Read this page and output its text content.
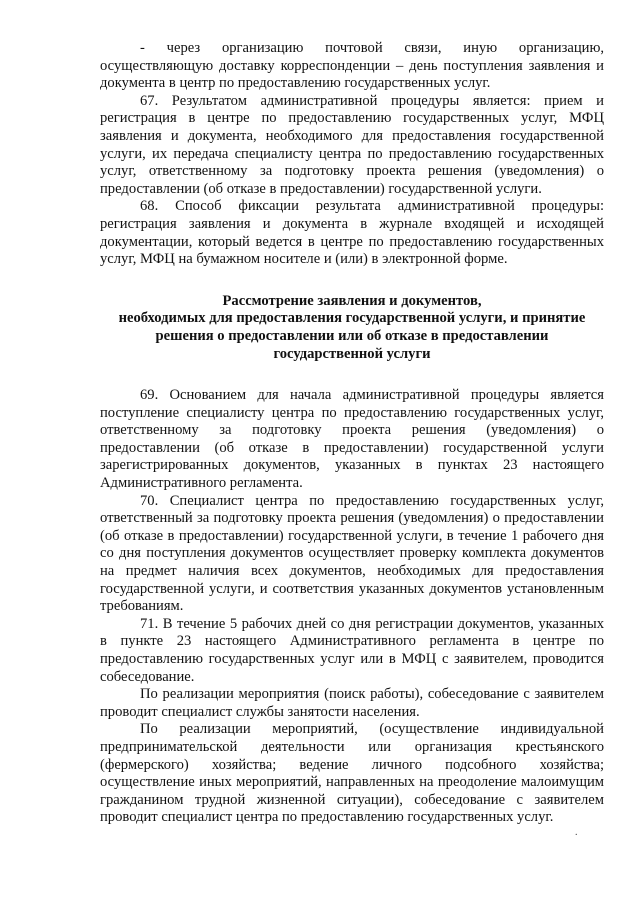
- через организацию почтовой связи, иную организацию, осуществляющую доставку корреспонденции – день поступления заявления и документа в центр по предоставлению государственных услуг.

67. Результатом административной процедуры является: прием и регистрация в центре по предоставлению государственных услуг, МФЦ заявления и документа, необходимого для предоставления государственной услуги, их передача специалисту центра по предоставлению государственных услуг, ответственному за подготовку проекта решения (уведомления) о предоставлении (об отказе в предоставлении) государственной услуги.

68. Способ фиксации результата административной процедуры: регистрация заявления и документа в журнале входящей и исходящей документации, который ведется в центре по предоставлению государственных услуг, МФЦ на бумажном носителе и (или) в электронной форме.

Рассмотрение заявления и документов,
необходимых для предоставления государственной услуги, и принятие
решения о предоставлении или об отказе в предоставлении
государственной услуги

69. Основанием для начала административной процедуры является поступление специалисту центра по предоставлению государственных услуг, ответственному за подготовку проекта решения (уведомления) о предоставлении (об отказе в предоставлении) государственной услуги зарегистрированных документов, указанных в пунктах 23 настоящего Административного регламента.

70. Специалист центра по предоставлению государственных услуг, ответственный за подготовку проекта решения (уведомления) о предоставлении (об отказе в предоставлении) государственной услуги, в течение 1 рабочего дня со дня поступления документов осуществляет проверку комплекта документов на предмет наличия всех документов, необходимых для предоставления государственной услуги, и соответствия указанных документов установленным требованиям.

71. В течение 5 рабочих дней со дня регистрации документов, указанных в пункте 23 настоящего Административного регламента в центре по предоставлению государственных услуг или в МФЦ с заявителем, проводится собеседование.

По реализации мероприятия (поиск работы), собеседование с заявителем проводит специалист службы занятости населения.

По реализации мероприятий, (осуществление индивидуальной предпринимательской деятельности или организация крестьянского (фермерского) хозяйства; ведение личного подсобного хозяйства; осуществление иных мероприятий, направленных на преодоление малоимущим гражданином трудной жизненной ситуации), собеседование с заявителем проводит специалист центра по предоставлению государственных услуг.

.
